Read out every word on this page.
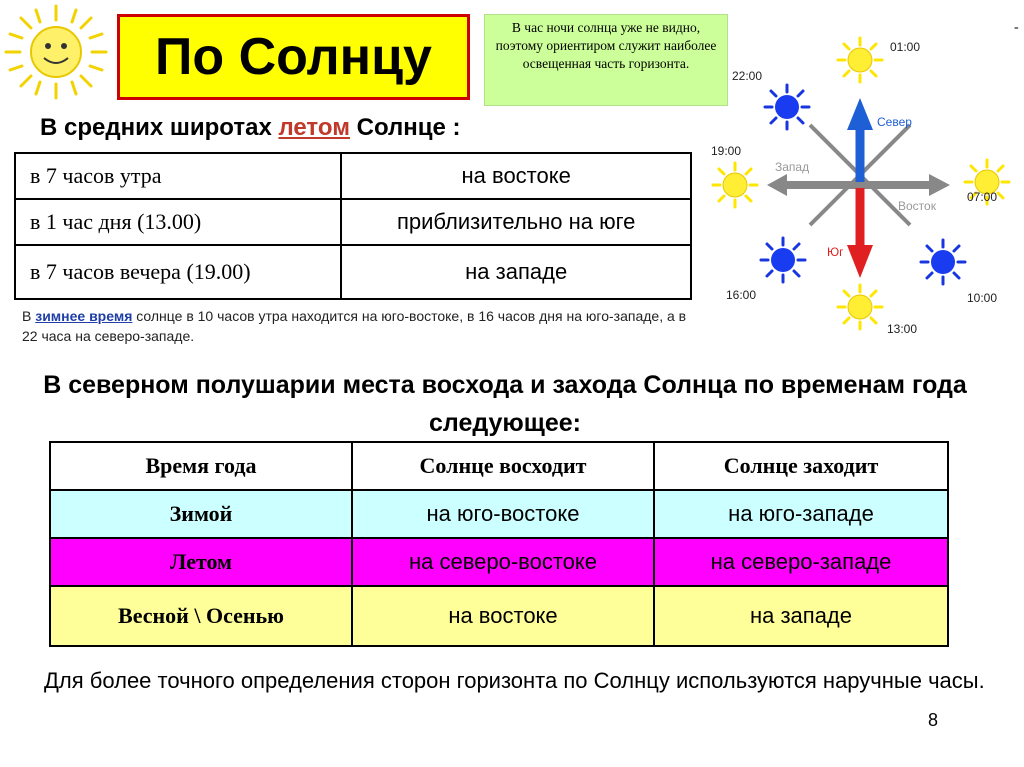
По Солнцу
В час ночи солнца уже не видно, поэтому ориентиром служит наиболее освещенная часть горизонта.
В средних широтах летом Солнце :
в 7 часов утра	на востоке
в 1 час дня (13.00)	приблизительно на юге
в 7 часов вечера (19.00)	на западе
В зимнее время солнце в 10 часов утра находится на юго-востоке, в 16 часов дня на юго-западе, а в 22 часа на северо-западе.
Север
Юг
Запад
Восток
01:00
22:00
19:00
07:00
16:00	10:00
13:00
В северном полушарии места восхода и захода Солнца по временам года следующее:
Время года	Солнце восходит	Солнце заходит
Зимой	на юго-востоке	на юго-западе
Летом	на северо-востоке	на северо-западе
Весной \ Осенью	на востоке	на западе
Для более точного определения сторон горизонта по Солнцу используются наручные часы.
8
-
